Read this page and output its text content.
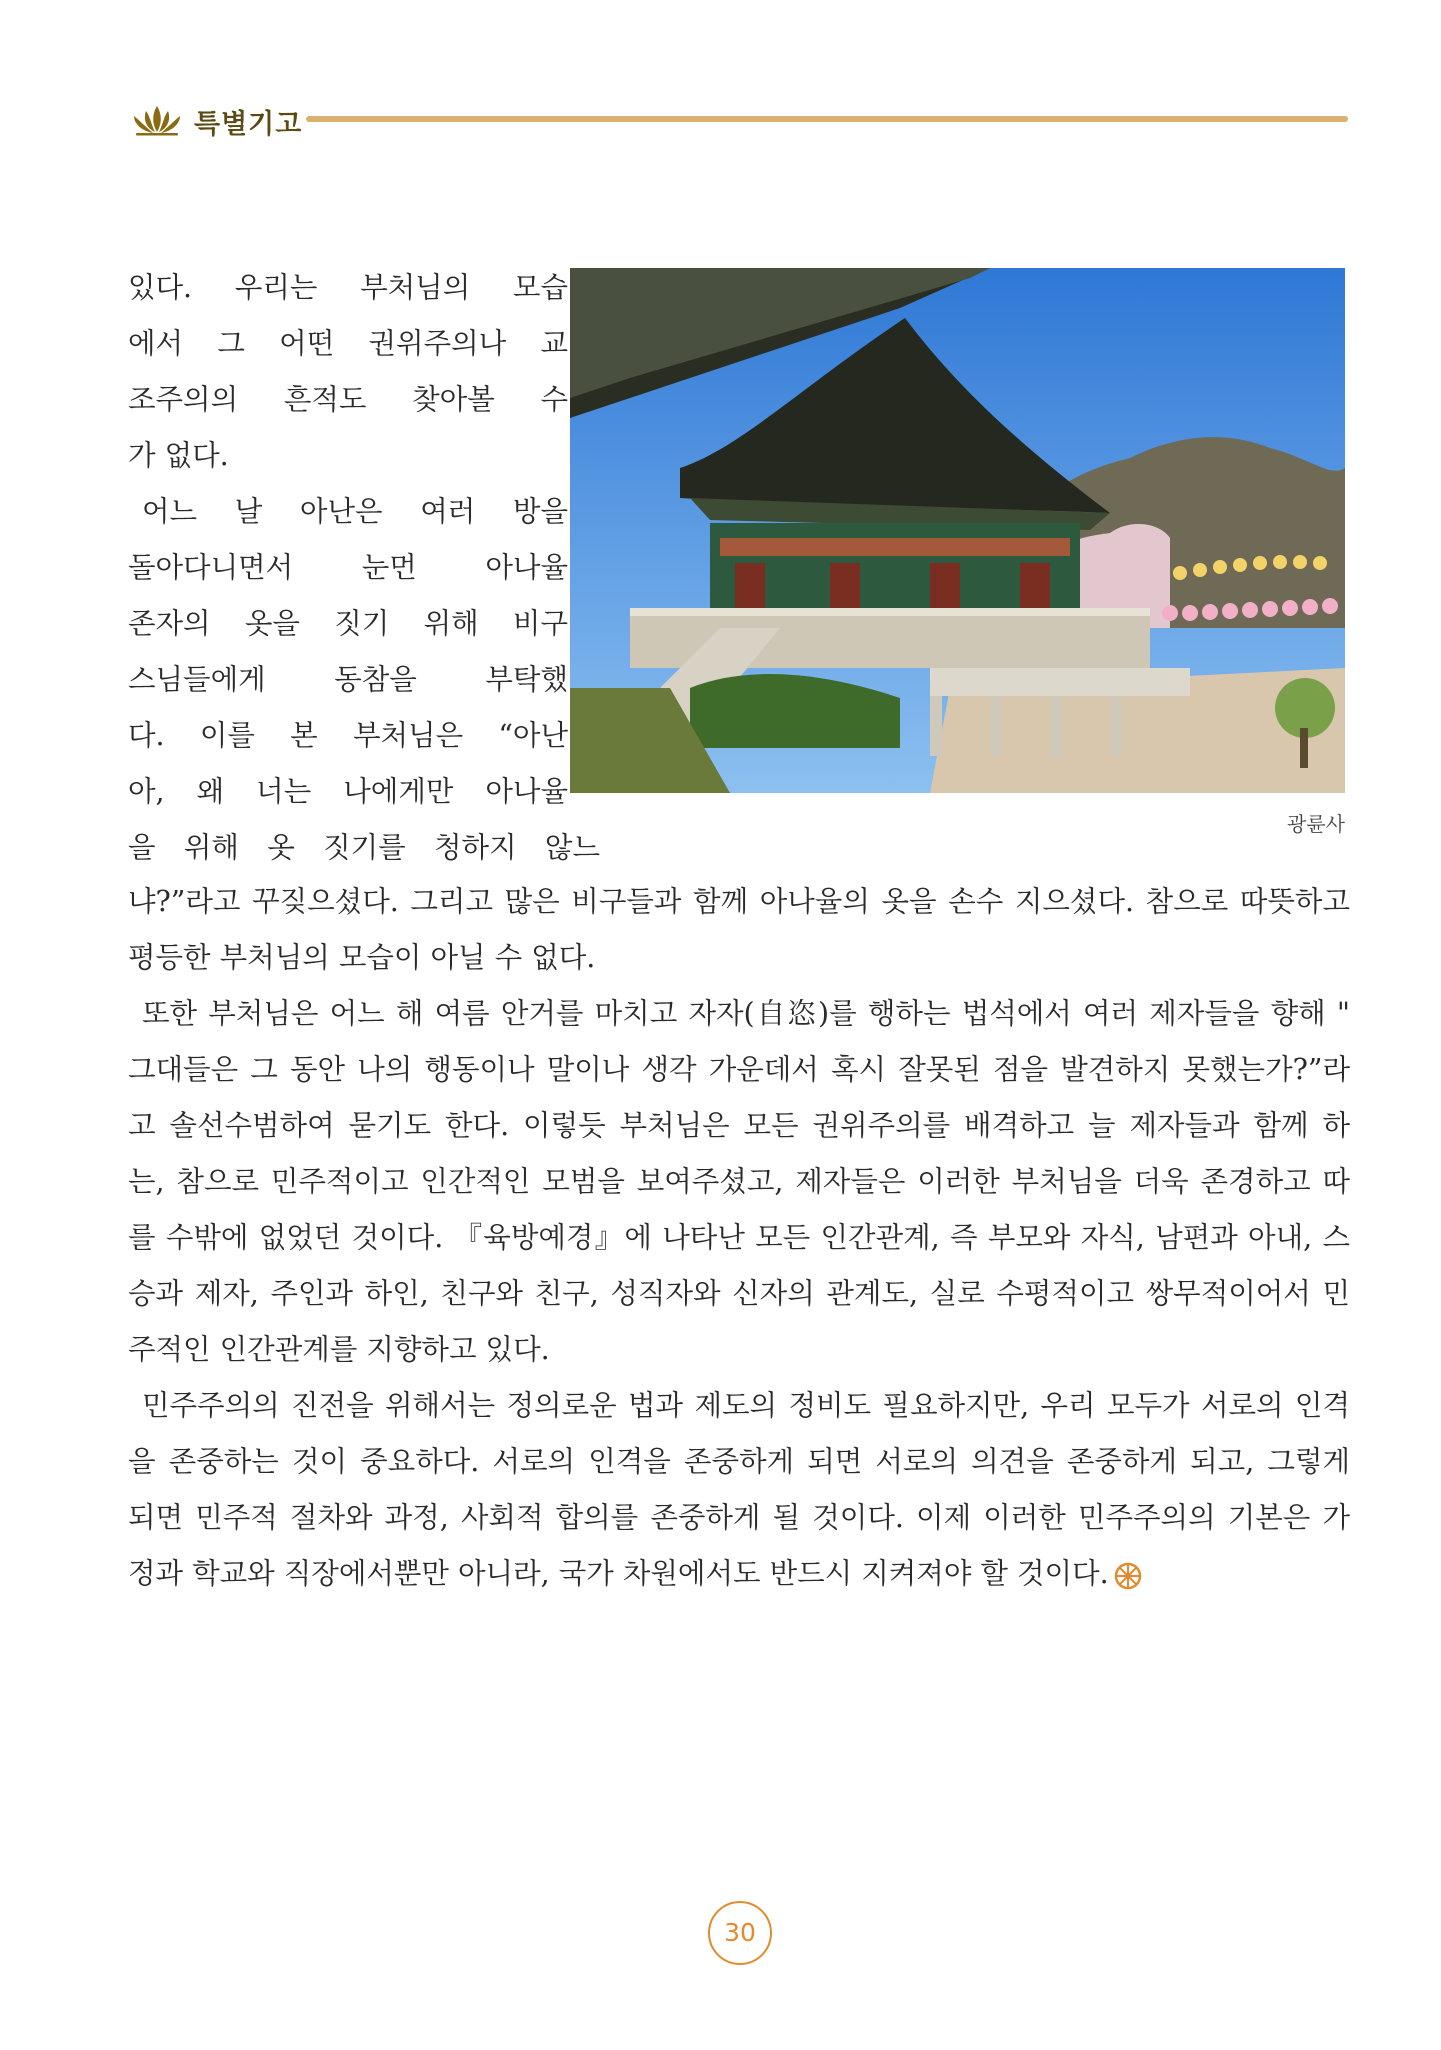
특별기고
광륜사
있다. 우리는 부처님의 모습
에서 그 어떤 권위주의나 교
조주의의 흔적도 찾아볼 수
가 없다.
어느 날 아난은 여러 방을
돌아다니면서 눈먼 아나율
존자의 옷을 짓기 위해 비구
스님들에게 동참을 부탁했
다. 이를 본 부처님은 “아난
아, 왜 너는 나에게만 아나율
을 위해 옷 짓기를 청하지 않느
냐?”라고 꾸짖으셨다. 그리고 많은 비구들과 함께 아나율의 옷을 손수 지으셨다. 참으로 따뜻하고
평등한 부처님의 모습이 아닐 수 없다.
또한 부처님은 어느 해 여름 안거를 마치고 자자(自恣)를 행하는 법석에서 여러 제자들을 향해 "
그대들은 그 동안 나의 행동이나 말이나 생각 가운데서 혹시 잘못된 점을 발견하지 못했는가?”라
고 솔선수범하여 묻기도 한다. 이렇듯 부처님은 모든 권위주의를 배격하고 늘 제자들과 함께 하
는, 참으로 민주적이고 인간적인 모범을 보여주셨고, 제자들은 이러한 부처님을 더욱 존경하고 따
를 수밖에 없었던 것이다. 『육방예경』에 나타난 모든 인간관계, 즉 부모와 자식, 남편과 아내, 스
승과 제자, 주인과 하인, 친구와 친구, 성직자와 신자의 관계도, 실로 수평적이고 쌍무적이어서 민
주적인 인간관계를 지향하고 있다.
민주주의의 진전을 위해서는 정의로운 법과 제도의 정비도 필요하지만, 우리 모두가 서로의 인격
을 존중하는 것이 중요하다. 서로의 인격을 존중하게 되면 서로의 의견을 존중하게 되고, 그렇게
되면 민주적 절차와 과정, 사회적 합의를 존중하게 될 것이다. 이제 이러한 민주주의의 기본은 가
정과 학교와 직장에서뿐만 아니라, 국가 차원에서도 반드시 지켜져야 할 것이다.
30
